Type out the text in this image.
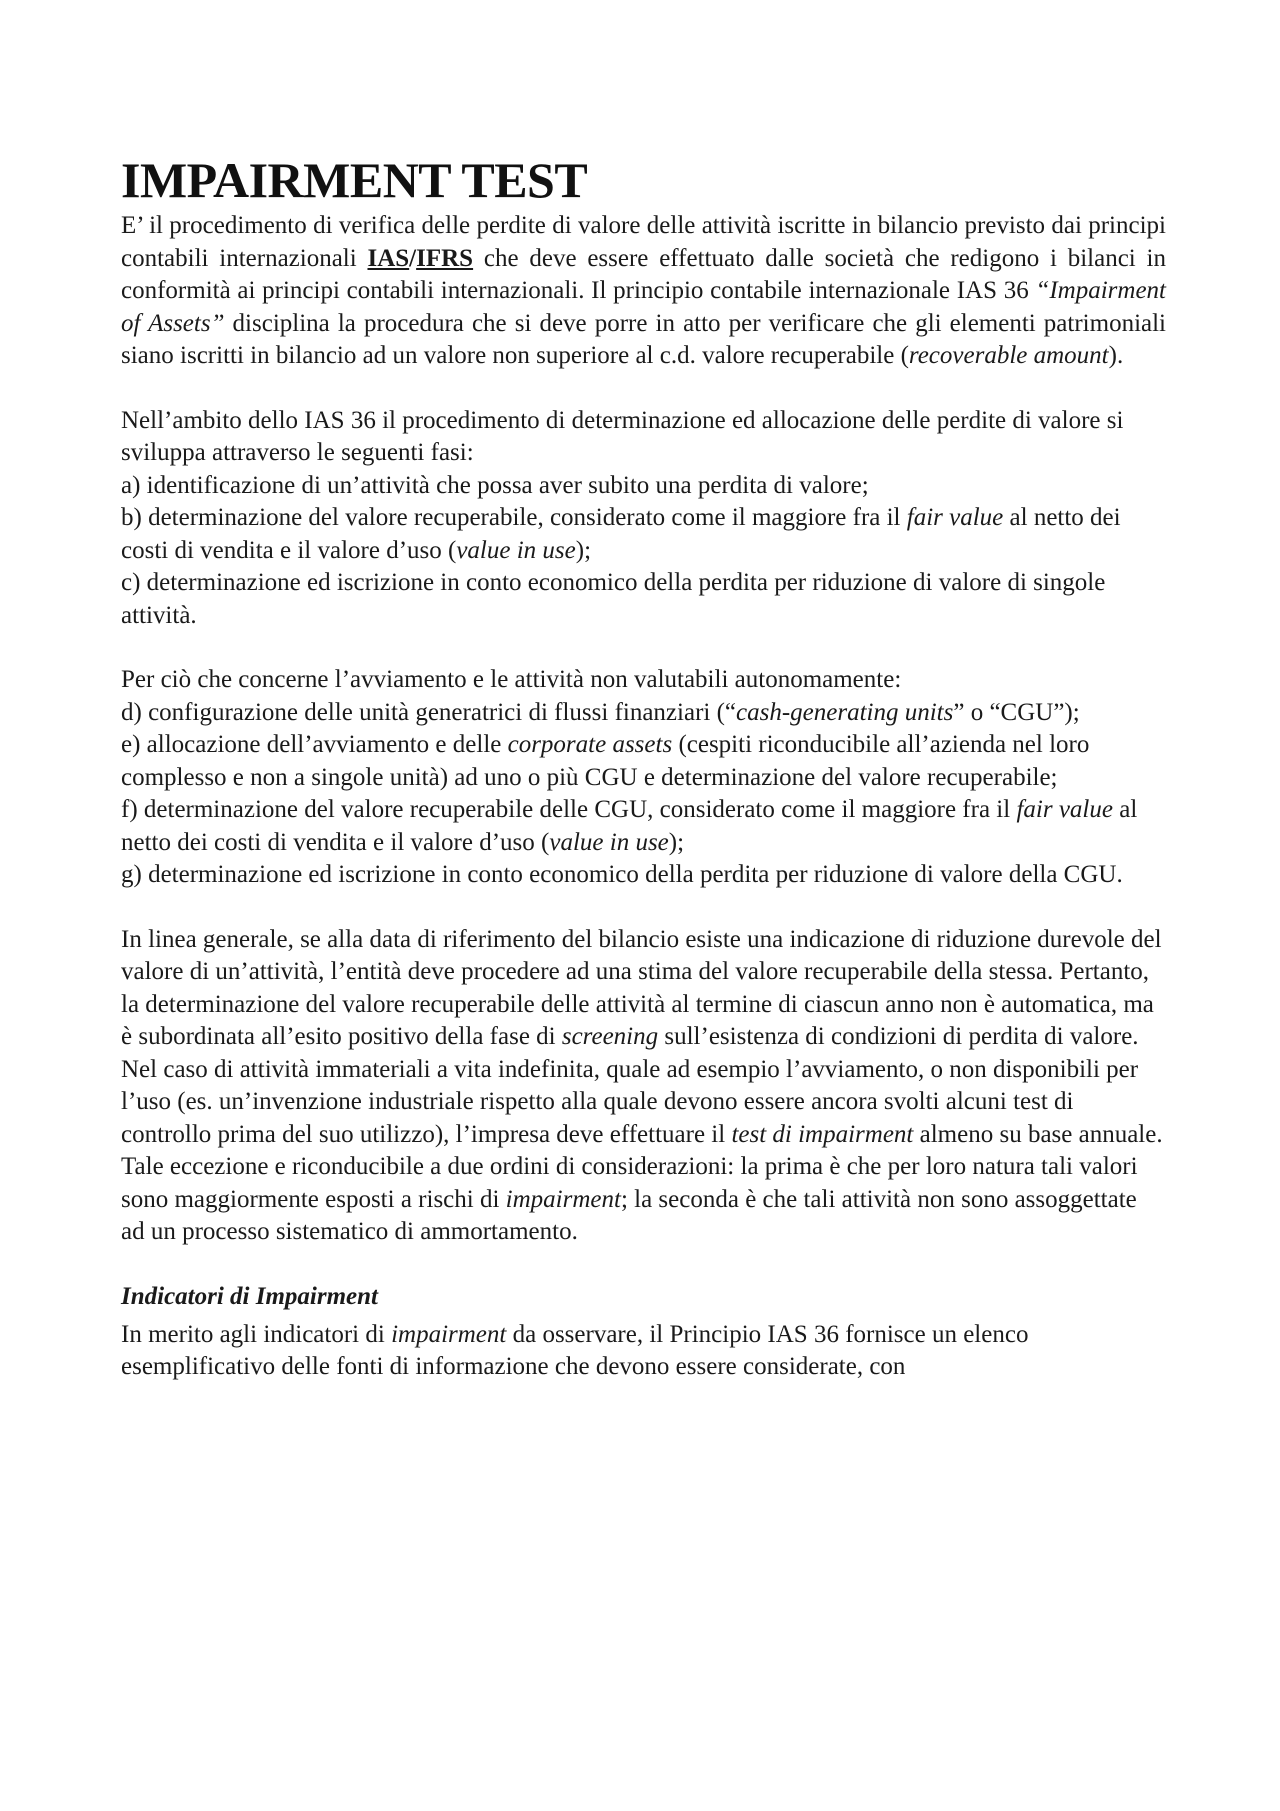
IMPAIRMENT TEST

E’ il procedimento di verifica delle perdite di valore delle attività iscritte in bilancio previsto dai principi contabili internazionali IAS/IFRS che deve essere effettuato dalle società che redigono i bilanci in conformità ai principi contabili internazionali. Il principio contabile internazionale IAS 36 “Impairment of Assets” disciplina la procedura che si deve porre in atto per verificare che gli elementi patrimoniali siano iscritti in bilancio ad un valore non superiore al c.d. valore recuperabile (recoverable amount).

Nell’ambito dello IAS 36 il procedimento di determinazione ed allocazione delle perdite di valore si sviluppa attraverso le seguenti fasi:
a) identificazione di un’attività che possa aver subito una perdita di valore;
b) determinazione del valore recuperabile, considerato come il maggiore fra il fair value al netto dei costi di vendita e il valore d’uso (value in use);
c) determinazione ed iscrizione in conto economico della perdita per riduzione di valore di singole attività.
Per ciò che concerne l’avviamento e le attività non valutabili autonomamente:
d) configurazione delle unità generatrici di flussi finanziari (“cash-generating units” o “CGU”);
e) allocazione dell’avviamento e delle corporate assets (cespiti riconducibile all’azienda nel loro complesso e non a singole unità) ad uno o più CGU e determinazione del valore recuperabile;
f) determinazione del valore recuperabile delle CGU, considerato come il maggiore fra il fair value al netto dei costi di vendita e il valore d’uso (value in use);
g) determinazione ed iscrizione in conto economico della perdita per riduzione di valore della CGU.
In linea generale, se alla data di riferimento del bilancio esiste una indicazione di riduzione durevole del valore di un’attività, l’entità deve procedere ad una stima del valore recuperabile della stessa. Pertanto, la determinazione del valore recuperabile delle attività al termine di ciascun anno non è automatica, ma è subordinata all’esito positivo della fase di screening sull’esistenza di condizioni di perdita di valore.
Nel caso di attività immateriali a vita indefinita, quale ad esempio l’avviamento, o non disponibili per l’uso (es. un’invenzione industriale rispetto alla quale devono essere ancora svolti alcuni test di controllo prima del suo utilizzo), l’impresa deve effettuare il test di impairment almeno su base annuale. Tale eccezione e riconducibile a due ordini di considerazioni: la prima è che per loro natura tali valori sono maggiormente esposti a rischi di impairment; la seconda è che tali attività non sono assoggettate ad un processo sistematico di ammortamento.
Indicatori di Impairment

In merito agli indicatori di impairment da osservare, il Principio IAS 36 fornisce un elenco esemplificativo delle fonti di informazione che devono essere considerate, con
